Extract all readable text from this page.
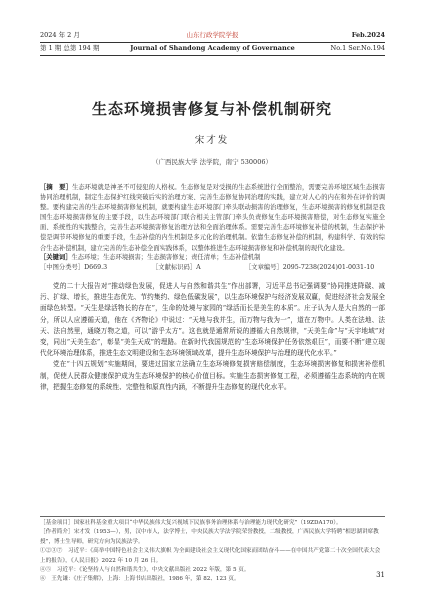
2024 年 2 月	山东行政学院学报	Feb.2024
第 1 期 总第 194 期	Journal of Shandong Academy of Governance	No.1 Ser.No.194
生态环境损害修复与补偿机制研究
宋才发
（广西民族大学 法学院，南宁 530006）

［摘　要］生态环境就是神圣不可侵犯的人格权。生态修复是对受损的生态系统进行全面整治，需要完善环境区域生态损害协同治理机制，制定生态保护红线突破后实的治理方案、完善生态修复协同治理的实践，建立对人心的内在和外在评价的调整。要构建完善的生态环境损害修复机制，就要构建生态环境部门牵头联动损害的治理修复，生态环境损害的修复机制是我国生态环境损害修复的主要手段，以生态环境部门联合相关主管部门牵头负责修复生态环境损害赔偿，对生态修复实施全面、系统性的实践整合，完善生态环境损害修复治理方法和全面治理体系。需要完善生态环境修复补偿的机制，生态保护补偿是调节环境修复的重要手段，生态补偿的内生机制是多元化的治理机制。依靠生态修复补偿的机制，构建科学、有效的综合生态补偿机制，建立完善的生态补偿全面实践体系，以整体推进生态环境损害修复和补偿机制的现代化建设。

［关键词］生态环境；生态环境损害；生态损害修复；责任清单；生态补偿机制
［中图分类号］D669.3	［文献标识码］A	［文章编号］2095-7238(2024)01-0031-10

党的二十大报告对“推动绿色发展，促进人与自然和谐共生”作出部署，习近平总书记强调要“协同推进降碳、减污、扩绿、增长，推进生态优先、节约集约、绿色低碳发展”，以生态环境保护与经济发展双赢，促进经济社会发展全面绿色转型。“天生是绿活物长的存在”，生命的处境与家园的“绿活而长是美生的本质”。庄子认为人是大自然的一部分，所以人应遵循天道，他在《齐物论》中说过：“天地与我并生，而万物与我为一”，道在万物中。人类在法地、法天、法自然里，通晓万物之道，可以“游乎太方”。这也就是通常所说的遵循大自然规律，“天美生命”与“天宇地域”对变，同出“天美生态”，彰显“美生天成”的理路。在新时代我国规范的“生态环境保护任务依然艰巨”，而要不断“建立现代化环境治理体系，推进生态文明建设和生态环境领域改革，提升生态环境保护与治理的现代化水平。”

党在“十四五规划”实施期间，要进过国家立法确立生态环境修复损害赔偿制度，生态环境损害修复和损害补偿机制，促使人民群众健康保护成为生态环境保护的核心价值目标。实施生态损害修复工程，必须遵循生态系统的内在规律，把握生态修复的系统性、完整性和原真性内涵，不断提升生态修复的现代化水平。

［基金项目］国家社科基金重大项目“中华民族伟大复兴视域下民族事务治理体系与治理能力现代化研究”（19ZDA170）。

［作者简介］宋才发（1953—），男，汉中市人，法学博士，中央民族大学法学院荣誉教授，二级教授，广西民族大学特聘“相思湖讲席教授”，博士生导师，研究方向为民族法学。

①②③⑦　习近平：《高举中国特色社会主义伟大旗帜 为全面建设社会主义现代化国家而团结奋斗——在中国共产党第二十次全国代表大会上的报告》，《人民日报》2022 年 10 月 26 日。

④⑤　习近平：《论坚持人与自然和谐共生》，中央文献出版社 2022 年版，第 5 页。

⑥　王先谦：《庄子集解》，上海：上海书店出版社，1986 年，第 82、123 页。

31
